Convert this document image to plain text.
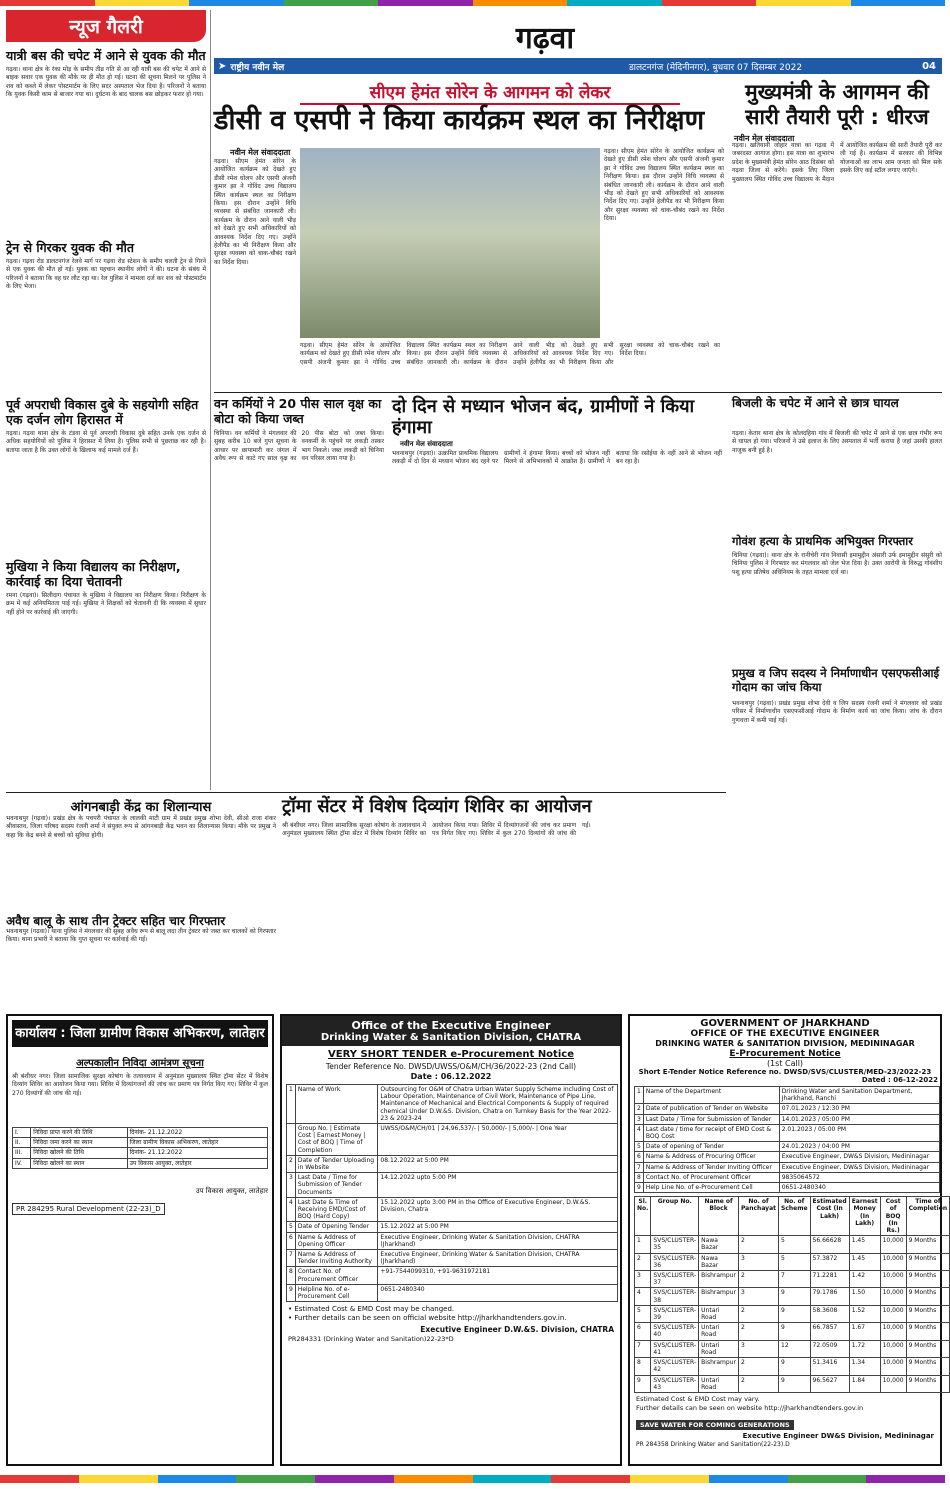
न्यूज गैलरी
यात्री बस की चपेट में आने से युवक की मौत
गढ़वा। थाना क्षेत्र के रंका मोड़ के समीप तीव्र गति से आ रही यात्री बस की चपेट में आने से बाइक सवार एक युवक की मौके पर ही मौत हो गई। घटना की सूचना मिलने पर पुलिस ने शव को कब्जे में लेकर पोस्टमार्टम के लिए सदर अस्पताल भेज दिया है। परिजनों ने बताया कि युवक किसी काम से बाजार गया था। दुर्घटना के बाद चालक बस छोड़कर फरार हो गया।
ट्रेन से गिरकर युवक की मौत
गढ़वा। गढ़वा रोड डालटनगंज रेलवे मार्ग पर गढ़वा रोड स्टेशन के समीप चलती ट्रेन से गिरने से एक युवक की मौत हो गई। युवक का पहचान स्थानीय लोगों ने की। घटना के संबंध में परिजनों ने बताया कि वह घर लौट रहा था। रेल पुलिस ने मामला दर्ज कर शव को पोस्टमार्टम के लिए भेजा।
पूर्व अपराधी विकास दुबे के सहयोगी सहित एक दर्जन लोग हिरासत में
गढ़वा। गढ़वा थाना क्षेत्र के टंडवा से पूर्व अपराधी विकास दुबे सहित उनके एक दर्जन से अधिक सहयोगियों को पुलिस ने हिरासत में लिया है। पुलिस सभी से पूछताछ कर रही है। बताया जाता है कि उक्त लोगों के खिलाफ कई मामले दर्ज हैं।
मुखिया ने किया विद्यालय का निरीक्षण, कार्रवाई का दिया चेतावनी
रमना (गढ़वा)। सिलीदाग पंचायत के मुखिया ने विद्यालय का निरीक्षण किया। निरीक्षण के क्रम में कई अनियमितता पाई गई। मुखिया ने शिक्षकों को चेतावनी दी कि व्यवस्था में सुधार नहीं होने पर कार्रवाई की जाएगी।
गढ़वा
➤ राष्ट्रीय नवीन मेल	डालटनगंज (मेदिनीनगर), बुधवार 07 दिसम्बर 2022	04
सीएम हेमंत सोरेन के आगमन को लेकर
डीसी व एसपी ने किया कार्यक्रम स्थल का निरीक्षण
नवीन मेल संवाददाता
गढ़वा। सीएम हेमंत सोरेन के आयोजित कार्यक्रम को देखते हुए डीसी रमेश घोलप और एसपी अंजनी कुमार झा ने गोविंद उच्च विद्यालय स्थित कार्यक्रम स्थल का निरीक्षण किया। इस दौरान उन्होंने विधि व्यवस्था से संबंधित जानकारी ली। कार्यक्रम के दौरान आने वाली भीड़ को देखते हुए सभी अधिकारियों को आवश्यक निर्देश दिए गए। उन्होंने हेलीपैड का भी निरीक्षण किया और सुरक्षा व्यवस्था को चाक-चौबंद रखने का निर्देश दिया।
गढ़वा। सीएम हेमंत सोरेन के आयोजित कार्यक्रम को देखते हुए डीसी रमेश घोलप और एसपी अंजनी कुमार झा ने गोविंद उच्च विद्यालय स्थित कार्यक्रम स्थल का निरीक्षण किया। इस दौरान उन्होंने विधि व्यवस्था से संबंधित जानकारी ली। कार्यक्रम के दौरान आने वाली भीड़ को देखते हुए सभी अधिकारियों को आवश्यक निर्देश दिए गए। उन्होंने हेलीपैड का भी निरीक्षण किया और सुरक्षा व्यवस्था को चाक-चौबंद रखने का निर्देश दिया।
गढ़वा। सीएम हेमंत सोरेन के आयोजित कार्यक्रम को देखते हुए डीसी रमेश घोलप और एसपी अंजनी कुमार झा ने गोविंद उच्च विद्यालय स्थित कार्यक्रम स्थल का निरीक्षण किया। इस दौरान उन्होंने विधि व्यवस्था से संबंधित जानकारी ली। कार्यक्रम के दौरान आने वाली भीड़ को देखते हुए सभी अधिकारियों को आवश्यक निर्देश दिए गए। उन्होंने हेलीपैड का भी निरीक्षण किया और सुरक्षा व्यवस्था को चाक-चौबंद रखने का निर्देश दिया।
मुख्यमंत्री के आगमन की सारी तैयारी पूरी : धीरज
नवीन मेल संवाददाता
गढ़वा। खतियानी जोहार यात्रा का गढ़वा में जबरदस्त आगाज होगा। इस यात्रा का शुभारंभ प्रदेश के मुख्यमंत्री हेमंत सोरेन आठ दिसंबर को गढ़वा जिला से करेंगे। इसके लिए जिला मुख्यालय स्थित गोविंद उच्च विद्यालय के मैदान में आयोजित कार्यक्रम की सारी तैयारी पूरी कर ली गई है। कार्यक्रम में सरकार की विभिन्न योजनाओं का लाभ आम जनता को मिल सके इसके लिए कई स्टॉल लगाए जाएंगे।
वन कर्मियों ने 20 पीस साल वृक्ष का बोटा को किया जब्त
चिनिया। वन कर्मियों ने मंगलवार की सुबह करीब 10 बजे गुप्त सूचना के आधार पर छापामारी कर जंगल में अवैध रूप से काटे गए साल वृक्ष का 20 पीस बोटा को जब्त किया। वनकर्मी के पहुंचने पर लकड़ी तस्कर भाग निकले। जब्त लकड़ी को चिनिया वन परिसर लाया गया है।
दो दिन से मध्यान भोजन बंद, ग्रामीणों ने किया हंगामा
नवीन मेल संवाददाता
भवनाथपुर (गढ़वा)। उत्क्रमित प्राथमिक विद्यालय लकड़ी में दो दिन से मध्यान भोजन बंद रहने पर ग्रामीणों ने हंगामा किया। बच्चों को भोजन नहीं मिलने से अभिभावकों में आक्रोश है। ग्रामीणों ने बताया कि रसोईया के नहीं आने से भोजन नहीं बन रहा है।
बिजली के चपेट में आने से छात्र घायल
गढ़वा। केतार थाना क्षेत्र के कोलदहिया गांव में बिजली की चपेट में आने से एक छात्र गंभीर रूप से घायल हो गया। परिजनों ने उसे इलाज के लिए अस्पताल में भर्ती कराया है जहां उसकी हालत नाजुक बनी हुई है।
गोवंश हत्या के प्राथमिक अभियुक्त गिरफ्तार
चिनिया (गढ़वा)। थाना क्षेत्र के रानीचेरी गांव निवासी इमामुद्दीन अंसारी उर्फ इमामुद्दीन संसुरी को चिनिया पुलिस ने गिरफ्तार कर मंगलवार को जेल भेज दिया है। उक्त आरोपी के विरुद्ध गोवंशीय पशु हत्या प्रतिषेध अधिनियम के तहत मामला दर्ज था।
प्रमुख व जिप सदस्य ने निर्माणाधीन एसएफसीआई गोदाम का जांच किया
भवनाथपुर (गढ़वा)। प्रखंड प्रमुख शोभा देवी व जिप सदस्य रंजनी शर्मा ने मंगलवार को प्रखंड परिसर में निर्माणाधीन एसएफसीआई गोदाम के निर्माण कार्य का जांच किया। जांच के दौरान गुणवत्ता में कमी पाई गई।
आंगनबाड़ी केंद्र का शिलान्यास
भवनाथपुर (गढ़वा)। प्रखंड क्षेत्र के पचपरी पंचायत के लालकी माटी ग्राम में प्रखंड प्रमुख शोभा देवी, सीओ राजा शंकर श्रीवास्तव, जिला परिषद सदस्य रंजनी शर्मा ने संयुक्त रूप से आंगनबाड़ी केंद्र भवन का शिलान्यास किया। मौके पर प्रमुख ने कहा कि केंद्र बनने से बच्चों को सुविधा होगी।
अवैध बालू के साथ तीन ट्रेक्टर सहित चार गिरफ्तार
भवनाथपुर (गढ़वा)। थाना पुलिस ने मंगलवार की सुबह अवैध रूप से बालू लदा तीन ट्रेक्टर को जब्त कर चालकों को गिरफ्तार किया। थाना प्रभारी ने बताया कि गुप्त सूचना पर कार्रवाई की गई।
ट्रॉमा सेंटर में विशेष दिव्यांग शिविर का आयोजन
श्री बंशीधर नगर। जिला सामाजिक सुरक्षा कोषांग के तत्वावधान में अनुमंडल मुख्यालय स्थित ट्रॉमा सेंटर में विशेष दिव्यांग शिविर का आयोजन किया गया। शिविर में दिव्यांगजनों की जांच कर प्रमाण पत्र निर्गत किए गए। शिविर में कुल 270 दिव्यांगों की जांच की गई।
कार्यालय : जिला ग्रामीण विकास अभिकरण, लातेहार
अल्पकालीन निविदा आमंत्रण सूचना
श्री बंशीधर नगर। जिला सामाजिक सुरक्षा कोषांग के तत्वावधान में अनुमंडल मुख्यालय स्थित ट्रॉमा सेंटर में विशेष दिव्यांग शिविर का आयोजन किया गया। शिविर में दिव्यांगजनों की जांच कर प्रमाण पत्र निर्गत किए गए। शिविर में कुल 270 दिव्यांगों की जांच की गई।
I.	निविदा प्राप्त करने की तिथि	दिनांक- 21.12.2022
II.	निविदा जमा करने का स्थान	जिला ग्रामीण विकास अभिकरण, लातेहार
III.	निविदा खोलने की तिथि	दिनांक- 21.12.2022
IV.	निविदा खोलने का स्थान	उप विकास आयुक्त, लातेहार
उप विकास आयुक्त, लातेहार
PR 284295 Rural Development (22-23)_D
Office of the Executive Engineer
Drinking Water & Sanitation Division, CHATRA
VERY SHORT TENDER e-Procurement Notice
Tender Reference No. DWSD/UWSS/O&M/CH/36/2022-23 (2nd Call)
Date : 06.12.2022
1	Name of Work	Outsourcing for O&M of Chatra Urban Water Supply Scheme including Cost of Labour Operation, Maintenance of Civil Work, Maintenance of Pipe Line, Maintenance of Mechanical and Electrical Components & Supply of required chemical Under D.W.&S. Division, Chatra on Turnkey Basis for the Year 2022-23 & 2023-24
	Group No. | Estimate Cost | Earnest Money | Cost of BOQ | Time of Completion	UWSS/O&M/CH/01 | 24,96,537/- | 50,000/- | 5,000/- | One Year
2	Date of Tender Uploading in Website	08.12.2022 at 5:00 PM
3	Last Date / Time for Submission of Tender Documents	14.12.2022 upto 5:00 PM
4	Last Date & Time of Receiving EMD/Cost of BOQ (Hard Copy)	15.12.2022 upto 3:00 PM in the Office of Executive Engineer, D.W.&S. Division, Chatra
5	Date of Opening Tender	15.12.2022 at 5:00 PM
6	Name & Address of Opening Officer	Executive Engineer, Drinking Water & Sanitation Division, CHATRA (Jharkhand)
7	Name & Address of Tender Inviting Authority	Executive Engineer, Drinking Water & Sanitation Division, CHATRA (Jharkhand)
8	Contact No. of Procurement Officer	+91-7544099310, +91-9631972181
9	Helpline No. of e-Procurement Cell	0651-2480340
• Estimated Cost & EMD Cost may be changed.
• Further details can be seen on official website http://jharkhandtenders.gov.in.
Executive Engineer D.W.&S. Division, CHATRA
PR284331 (Drinking Water and Sanitation)22-23*D
GOVERNMENT OF JHARKHAND
OFFICE OF THE EXECUTIVE ENGINEER
DRINKING WATER & SANITATION DIVISION, MEDININAGAR
E-Procurement Notice
(1st Call)
Short E-Tender Notice Reference no. DWSD/SVS/CLUSTER/MED-23/2022-23
Dated : 06-12-2022
1	Name of the Department	Drinking Water and Sanitation Department, Jharkhand, Ranchi
2	Date of publication of Tender on Website	07.01.2023 / 12:30 PM
3	Last Date / Time for Submission of Tender	14.01.2023 / 05:00 PM
4	Last date / time for receipt of EMD Cost & BOQ Cost	2.01.2023 / 05:00 PM
5	Date of opening of Tender	24.01.2023 / 04:00 PM
6	Name & Address of Procuring Officer	Executive Engineer, DW&S Division, Medininagar
7	Name & Address of Tender Inviting Officer	Executive Engineer, DW&S Division, Medininagar
8	Contact No. of Procurement Officer	9835064572
9	Help Line No. of e-Procurement Cell	0651-2480340
Sl. No.	Group No.	Name of Block	No. of Panchayat	No. of Scheme	Estimated Cost (In Lakh)	Earnest Money (In Lakh)	Cost of BOQ (In Rs.)	Time of Completion
1	SVS/CLUSTER-35	Nawa Bazar	2	5	56.66628	1.45	10,000	9 Months
2	SVS/CLUSTER-36	Nawa Bazar	3	5	57.3872	1.45	10,000	9 Months
3	SVS/CLUSTER-37	Bishrampur	2	7	71.2281	1.42	10,000	9 Months
4	SVS/CLUSTER-38	Bishrampur	3	9	79.1786	1.50	10,000	9 Months
5	SVS/CLUSTER-39	Untari Road	2	9	58.3608	1.52	10,000	9 Months
6	SVS/CLUSTER-40	Untari Road	2	9	66.7857	1.67	10,000	9 Months
7	SVS/CLUSTER-41	Untari Road	3	12	72.0509	1.72	10,000	9 Months
8	SVS/CLUSTER-42	Bishrampur	2	9	51.3416	1.34	10,000	9 Months
9	SVS/CLUSTER-43	Untari Road	2	9	96.5627	1.84	10,000	9 Months
Estimated Cost & EMD Cost may vary.
Further details can be seen on website http://jharkhandtenders.gov.in
SAVE WATER FOR COMING GENERATIONS
Executive Engineer DW&S Division, Medininagar
PR 284358 Drinking Water and Sanitation(22-23).D
